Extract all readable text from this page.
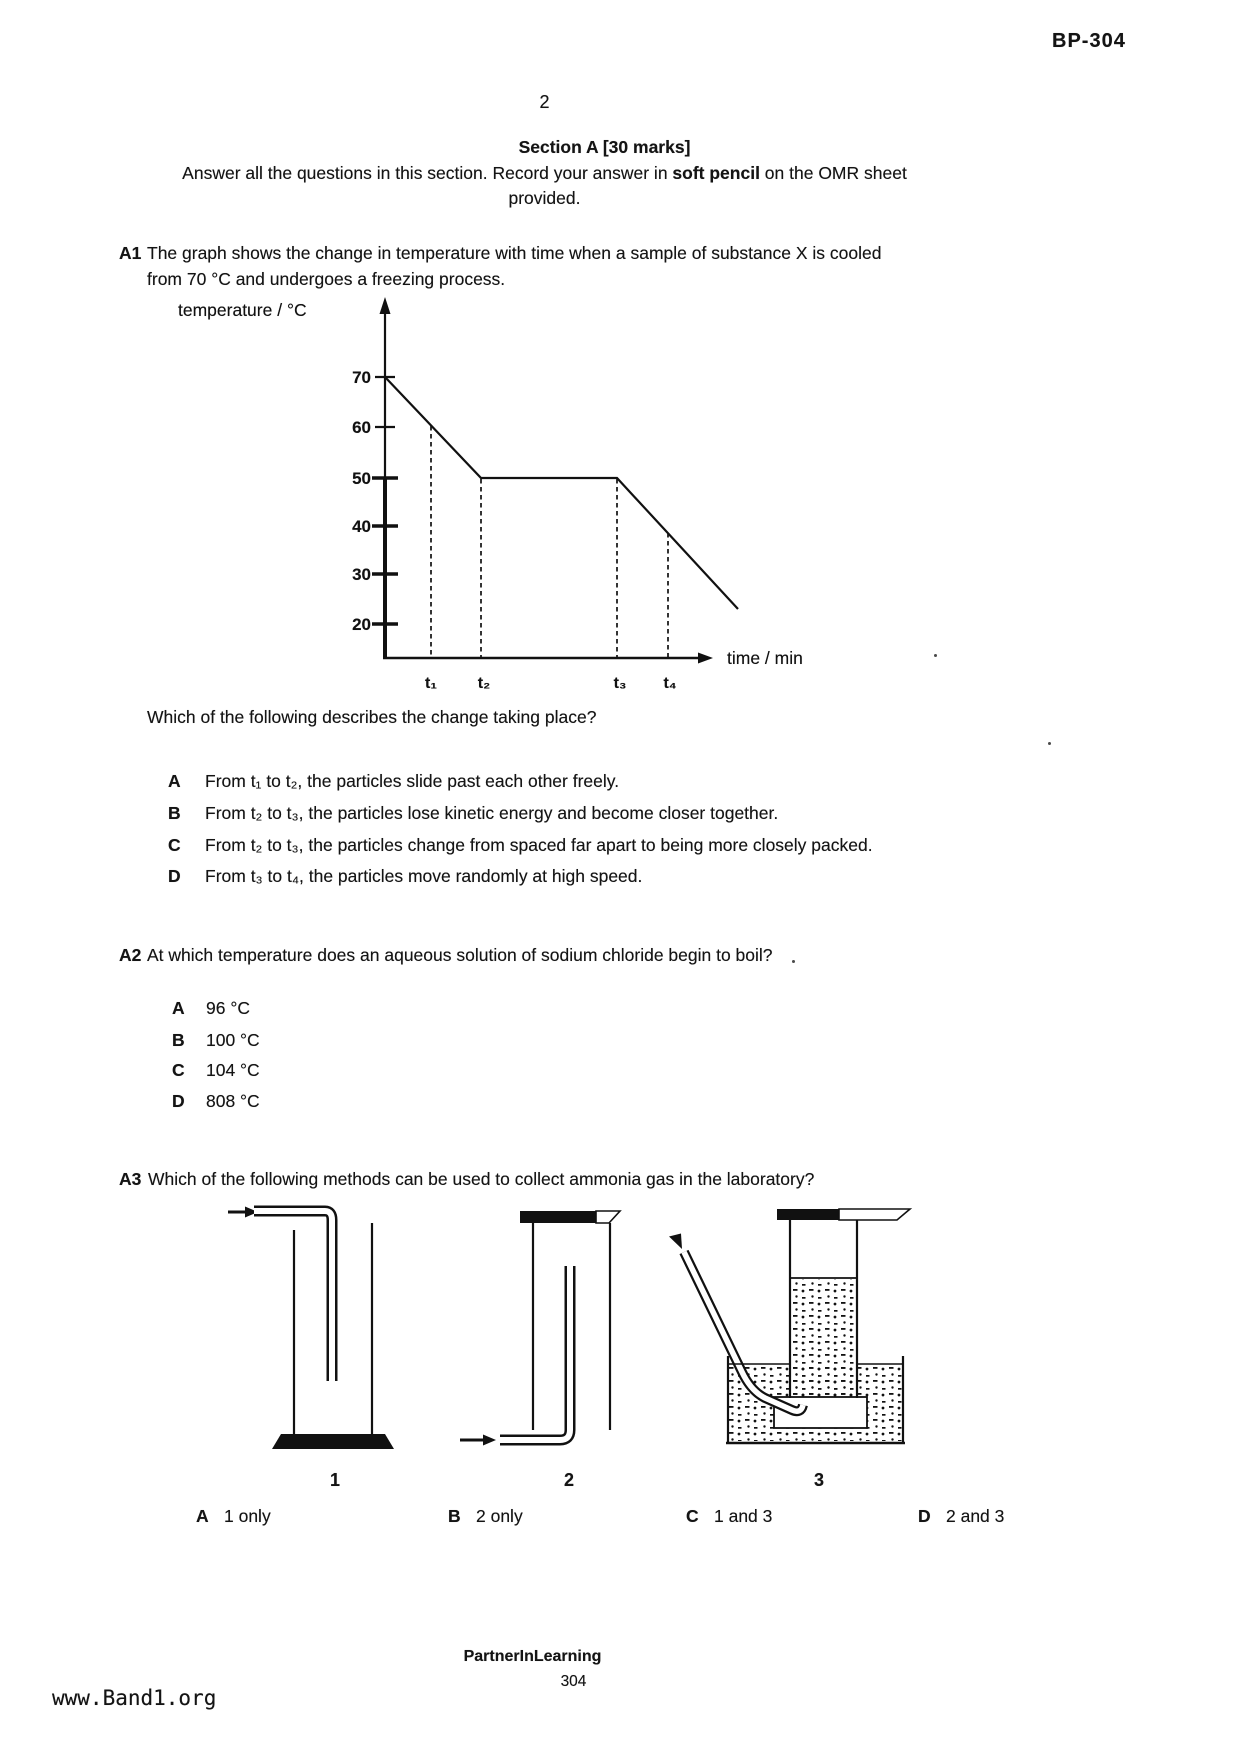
BP-304
2
Section A [30 marks]
Answer all the questions in this section. Record your answer in soft pencil on the OMR sheet
provided.
A1 The graph shows the change in temperature with time when a sample of substance X is cooled
from 70 °C and undergoes a freezing process.
temperature / °C
time / min
70
60
50
40
30
20
t₁	t₂	t₃ t₄
Which of the following describes the change taking place?
A From t₁ to t₂, the particles slide past each other freely.
B From t₂ to t₃, the particles lose kinetic energy and become closer together.
C From t₂ to t₃, the particles change from spaced far apart to being more closely packed.
D From t₃ to t₄, the particles move randomly at high speed.
A2 At which temperature does an aqueous solution of sodium chloride begin to boil?
A 96 °C
B 100 °C
C 104 °C
D 808 °C
A3 Which of the following methods can be used to collect ammonia gas in the laboratory?
1	2	3
A 1 only	B 2 only	C 1 and 3	D 2 and 3
PartnerInLearning
304
www.Band1.org
